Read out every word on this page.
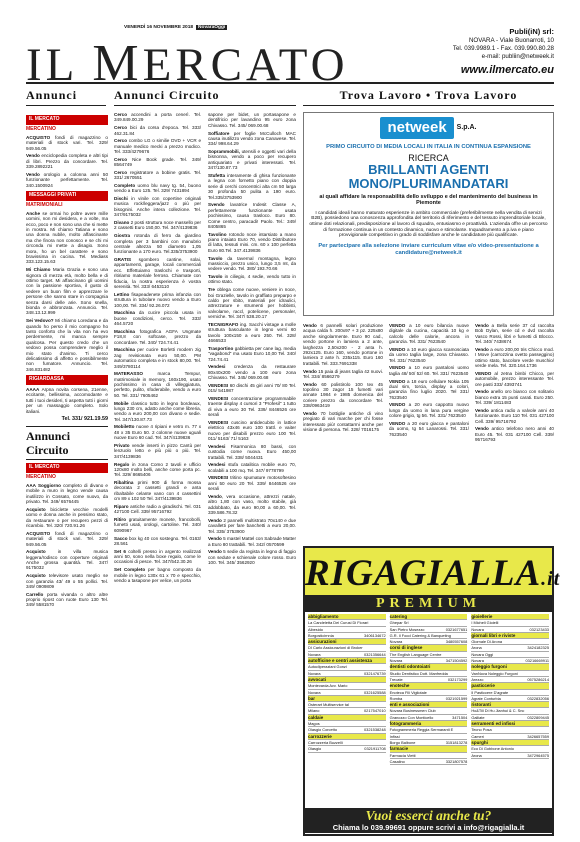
VENERDÌ 16 NOVEMBRE 2018 NovaraOggi
IL MERCATO
Publi(iN) srl:
NOVARA - Viale Buonarroti, 10
Tel. 039.9989.1 - Fax. 039.990.80.28
e-mail: publiin@netweek.it
www.ilmercato.eu
Annunci	Annunci Circuito	Trova Lavoro • Trova Lavoro
IL MERCATO
MERCATINO

ACQUISTO fondi di magazzino o materiali di stock vari. Tel. 329/ 949.56.05

Vendo enciclopedia completa e altri tipi di libri. Prezzo da concordare. Tel. 339.2892221

Vendo orologio a colonna anni 50 funzionante perfettamente. Tel. 340.1500924

MESSAGGI PRIVATI
MATRIMONIALI

Anche se ormai ho poltre avere mille uomini, non mi desidera, e a volte, ma ecco, poco e non sono una che si mette in mostra. Mi chiamo Tatiana e sono una donna nubile, molto affascinante ma che finora non conosco e se chi mi circonda mi mette a disagio. Sono mora, ho un bel carattere e sono bravissima in cucina. Tel. Mediass 333.123.15.63

Mi Chiamo Maria Grazia e sono una signora di mezza età, molto bella e di ottimo target. Mi affascinano gli uomini con la passione sportiva, il gusto di vedere un buon film e apprezzare le persone che sanno stare in compagnia senza darsi delle arie. Sono snella, bionda e abbronzata. Annuncio. Tel. 348.13.12.999

Sei Vedovo? Mi chiamo Loredana e da quando ho perso il mio compagno ho tanto conforto che la vita non ha evo perdermente, mi manca sempre qualcosa. Per questo credo che un vedovo possa comprendere meglio il mio stato d'animo. Ti cerco delicatissimo di affetto e possibilmente non fumatore. Annuncio. Tel. 346.831482

RIGIARDASSA

AAAA Arpna novita corsena, 21enne, eccitante, bellissima, accomodante e tutti i tuoi desideri, ti aspetta tutti i giorni per un massaggio completo. Solo italiani.

Tel. 331/ 921.19.59
Annunci Circuito
IL MERCATO
MERCATINO

AAA Soggiorno completo di divano e mobile a muro in legno vende causa inutilizzo in Cossato, come nuovo, da privato. Tel. 349/ 6576445

Acquisto biciclette vecchie modelli uomo e donna anche in pessimo stato, da restaurare o per recupero pezzi di ricambio. Tel. 320/ 720.91.26

ACQUISTO fondi di magazzino o materiali di stock vari. Tel. 329/ 949.56.05

Acquisto in villa musica leggera/rodisco con coperture originali Anche grossa quantità. Tel. 347/ 9175032

Acquisto televisore usato meglio se con garanzia 43/ 49 o 55 pollici. Tel. 349/ 0909809

Carrello porta vivanda o altro altre proprio ripost con ruote Euro 130 Tel. 349/ 5581570

Cerco accendini a porta cenerì. Tel. 349.849.00.29

Cerco bici da corsa d'epoca. Tel. 333/ 462.31.84

Cerco combo LG o similie DVD + VCR e manuale medico mecki a prezzo modico. Tel. 333/4279676

Cerco Nice Book grade. Tel. 349/ 8564749

Cerco registratore a bobine gratis. Tel. 331/ 2670551

Completo uomo blu navy tg. 54, buono vendo a Euro 125. Tel. 329/ 7431894

Dischi in vinile con copertine originali musica rock/leggera/jazz o più per bisognini. Anche intera collezione. Tel. 347/9175032

Divano 2 posti struttura noce massello per 2 cassetti Euro 150,00. Tel. 347/4139836

Giostra rotonda di ferro da giardino completa per 3 bambini con manubrio centrale altezza 50 diametro 1,05 funzionante a 170 euro. Tel.335/3753900

GRATIS sgombero cantine, solai, appartamenti, garage, locali commerciali ecc. Effettuiamo traslochi e trasporti, ritiriamo materiale ferroso. Chiamate con fiducia, la nostra esperienza è vostra serenità. Tel. 333/ 6453110

Lettino fisapeadenete prima infanzia con struttura in tubolare nuovo vendo a Euro 100,00. Tel. 334/ 92.26.072

Macchina da cucire piccola usata in buone condizioni, cerco. Tel. 333/ 464.5720

Macchina fotografica AGFA Ungmate F18,8 con softcase, prezzo da concordare. Tel. 340/ 724.74.41

Macchina per cucire Borletti modern zig zag revisionata euro 50,00. PM automatico completa e in stock 80,00. Tel. 349/3780114

MATERASSO marca Tempur, matrimoniale in memory, 160x190, usato pochissimo in casa di villeggiatura, perfetto, pulito, sfoderabile, vendo a euro 50. Tel. 331/ 7605462

Mobile classico tutto in legno bordeaux, lungo 230 cm, adatto anche come libreria, vendo a euro 200,00 con divano e sedie. Tel. 347/130.87.73

Mobiletto nuove 4 ripiani e vetro m. 77 x 48 x 35 Euro 50. 2 colonne nuove uguali nuove Euro 60 cad. Tel. 347/4139836

Privato vende inserti in pizzo Cantù per lenzuolo letto e più più o più. Tel. 347/4139836

Regalo in zona Como 2 tavoli e ufficio 120x80 molto belli, anche come porta pc. Tel. 329/ 8665406

Ribaltina primi 900 di forma mossa decorata 2 cassetti grandi e anta ribaltabile celante vano con 4 cassettini cm 89 x 102 50 Tel. 347/4139836

Riparo antiche radio a giradischi. Tel. 031 427100 Cell. 339/ 95716792

Ritiro gratuitamente monete, francobolli, fumetti usati, orologi, cartoline. Tel. 340/ 6090967

Sacco box kg 40 con sostegno. Tel. 0163/ 28.561

Set 6 coltelli presso in argento realizzati anni 50, sono nella boxe regalo, come le occasioni di pesce. Tel. 347/542.30.26

Set Completo per bagno composto da mobile in legno 130x 61 x 70 e specchio, vendo a tasapone per velice, un porta

sapone per bidet, un portasapone e dentifricio per lavandino 95 euro zona Chivasso. Tel. 345/ 069.00.68

Soffiatore per foglie McCulloch MAC causa inutilizzo vendo zona Canavese. Tel. 334/ 998.64.29

Soprammobili, utensili e oggetti vari della bisnonna, vendo a poco per recupero antiquariato e privati interessati. Tel. 347/130.87.73

Stufetta interamente di ghisa funzionante a legna con fornetto piano con doppia serie di cerchi concentrici alta cm 50 larga 30 profonda 50 pulita a 190 euro. Tel.335/3753900

Svendo lavatrice Indesit Classe A, perfettamente funzionante usata pochissimo, causa trasloco. Euro 80. Come centro, paracadi! Paolo. Tel.: 349/ 8405865

Tavolino rotondo noce intarsiato a mano piano intaiato Euro 70, vendo Distributore di latta, tessuti mini. cm. 60 x 100 perfetta Euro 80.Tel. 347.4139836

Tavolo da tavernal montagna, legno massiccio, prezzo unico, lungo 3,5 mt, da vedere vendo. Tel. 380/ 193.70.66

Tavolo in ciliegio, 4 sedie, vendo tutto in ottimo stato.

Tre oblega come nuove, veniere in noce, boi Grazielle, tavolo in graffiato preparpo e caldo per sbito, materiali per idraulici, attrezzature e strumenti per hobbisti, valvolame, raccl, potelicene, personaler, verniche. Tel. 347/ 538.20.17

TECNIGRAFO ing. Sacchi vintage a molle struttura basculante in legno verni 60 tavolo 100x150 a euro 250. Tel. 328/ 4666533

Trasportino gabbietta per cane lag. media "vagabond" ma usato Euro 10,00 Tel. 340/ 724.74.41

Vendesi credenza da restaurare 80x40x200 vendo a 100 euro zona Chivasso. Tel. 345/ 069.00.68

VENDESI 60 dischi 45 giri anni 70/ 80 Tel. 015/ 541987

VENDESI concentrazione programmabile traente display 4 cursori 3 "Profesil" 1 tutto di viva a euro 30 Tel. 339/ 8446526 ore serali

VENDESI cuscino antidecubito in lattice elettrico 43x46 euro 100 trattl. e vaiter nuovo per disabili prezzo euro 100 Tel. 011/ 5163/ 71/ 5163

Vendesi Fisarmonica 80 bassi, con custodia come nuova. Euro 450,00 trattabili. Tel. 338/ 5044431

Vendesi stufa catalitica mobile euro 70, scolabili a 100 mq. Tel. 347/ 9778799

VENDESI tritino spumature motosoftesino anni 50 euro 20 Tel. 339/ 8446526 ore serali

Vendo, vera occasione, attrezzi natale, altro 1,80 con vaso, molto stabile, già addobbato, da euro 90,00 a 60,00. Tel. 339.586.78.32

Vendo 2 pannelli multistrato 70x140 e due cavalletti per fare banchetti a euro 20,00. Tel. 335/ 3753900

Vendo 5 mastel Mattel con Sabrade Matter a Euro 80 trattabili. Tel. 342/ 0570599

Vendo 5 sedie da regista in legno di faggio con sedute e schienale colore rosso. Euro 100. Tel. 345/ 3562920

netweek	S.p.A.
PRIMO CIRCUITO DI MEDIA LOCALI IN ITALIA IN CONTINUA ESPANSIONE
RICERCA
BRILLANTI AGENTI MONO/PLURIMANDATARI
ai quali affidare la responsabilità dello sviluppo e del mantenimento del business in Piemonte
I candidati ideali hanno maturato esperienze in ambito commerciale (preferibilmente nella vendita di servizi B2B), possiedono una conoscenza approfondita del territorio di riferimento e del tessuto imprenditoriale locale, ottime doti relazionali, predisposizione al lavoro di squadra, entusiasmo e proattività. L'azienda offre un percorso di formazione continua in un contesto dinamico, nuovo e stimolante. Inquadramento a p.iva e piano provvigionale competitivo in grado di soddisfare anche le candidature più qualificate.
Per partecipare alla selezione inviare curriculum vitae e/o video-presentazione a candidature@netweek.it

Vendo 6 pannelli solari produzione acqua calda h. 200x97 + 3 pz. 225x80 anche singolarmente. Euro 90 cad., vendo portone in lamiera a 2 ante, larghezza 2,50x200 - 2 anta h. 292x125. Euro 160, vendo portone in lamiera 2 ante h. 235x115. Euro 160 trattabili. Tel. 333.7691338

Vendo 15 paia di jeans taglia 42 nuovi. Tel. 334/ 8566279

Vendo 60 polistirolo 100 tex 45 topolino 30 zagor 15 fumetti vari annate 1984 e 1985 domenica del coriere prezzo da concordare Tel. 338/0963419

Vendo 70 bottiglie antiche di vino pregiato di vari marche per chi fosse interessato più! contattarmi anche per visione di persona. Tel. 328/ 7016175

VENDO a 10 euro bilancia nuove digitale da cucina, capacità 10 kg e calcolo delle calorie, ancora in garanzia. Tel. 331/ 7623540

VENDO a 10 euro giacca scamosciata da uomo taglia large, zona Chivasso. Tel. 331/ 7623540

VENDO a 10 euro pantaloni uomo taglia 48/ 50/ 52/ 60. Tel. 331/ 7623540

VENDO a 18 euro cellulare Nokia 105 dual sim, torcia, display a colori, garanzia fino luglio 2020. Tel 331/ 7623540

VENDO a 20 euro cappotto nuovo lungo da uomo in lana pura vergine colore grigio, tg 56. Tel. 331/ 7623540

VENDO a 20 euro giacca e pantaloni da uomo, tg 54 Lanarossi. Tel. 331/ 7623540

Vendo a Bella serie 37 cd raccolta Bob Dylan, serie cd e dvd raccolta Vasco Rossi, libri e fumetti di Blocco. Tel. 340/ 7438674

Vendo a euro 200,00 tris Chicco mod. I Move (carrozzina ovetto passeggino) ottimo stato, bacolore verde muschio/ verde mela. Tel. 320.164.1736

VENDO al zetna bimbi Chicco, per automobile, prezzo interessante Tel. ore pasti 333/ 4393741

Vendo anello oro bianco con solitario bianco extra 15 punti carati. Euro 250. Tel. 339/ 1811483

Vendo antica radio a valvole anni 40 funzionante. Euro 110 Tel. 031 427100 Cell. 339/ 95716792

Vendo antico telefono nero anni 40 Euro 45. Tel. 031 427100 Cell. 339/ 95716793

RIGAGIALLA.it
PREMIUM
abbigliamento
La Candeletta Dei Curusi Di Fiorari
Albesido
Borgosticirnnia	3406134672
assicurazioni
DI Carlo Assicurazioni di Broker
Novara	0321356644
autofficine e centri assistenza
Autocliperaziani Gonzi
Novara	0321476739
avvocati
Montevarda Avv. Mario
Novara	0321625588
bar
Osterart Multiservice tal
Milano	0217547010
caldaie
Magos
Olasgio Corcetto	0321538248
carrozzerie
Carrozzeria Buzzelli
Olasgio	0321911708
catering
Ghepar Srl
San Pietro Mosezzo	0321677651
G.R. Il Food Catering & Banqueting
Novara	3480557608
corsi di inglese
The English Language Centre
Novara	3471504592
dentisti odontoiatri
Studio Dentistico Dott. Manfredda
Trecate	032173299
enoteche
Enoteca Fili Vigliotale
Romba	0321921599
enti e associazioni
Novara Businessmen Club
Granozzo Con Monticello	3471504
fotogrammeria
Fotogrammeria Reggia Sermaranti E
Infissi
Borgo Balbone	3151813278
farmacie
Farmacia Vietti
Casalino	3321807578
gioiellerie
I Micheli Gioielli
Novara	032123433
giornali libri e riviste
Giornale Di Arona
Arona	3424182325
Novara Oggi
Novara	03216669911
noleggio furgoni
VanNova Noleggio Furgoni
Arezzo	0575286214
pasticcerie
Il Pasticcere D'agrate
Agrate Conturbia	0322832056
ristoranti
Ho&Till Di Hu Jianhui & C. Snc
Galliate	0322809445
serramenti ed infissi
Tecno Posa
Cameri	3426657559
spurghi
Eco Di Gobbone Antonio
Arona	3472964575
Vuoi esserci anche tu?
Chiama lo 039.99691 oppure scrivi a info@rigagialla.it
